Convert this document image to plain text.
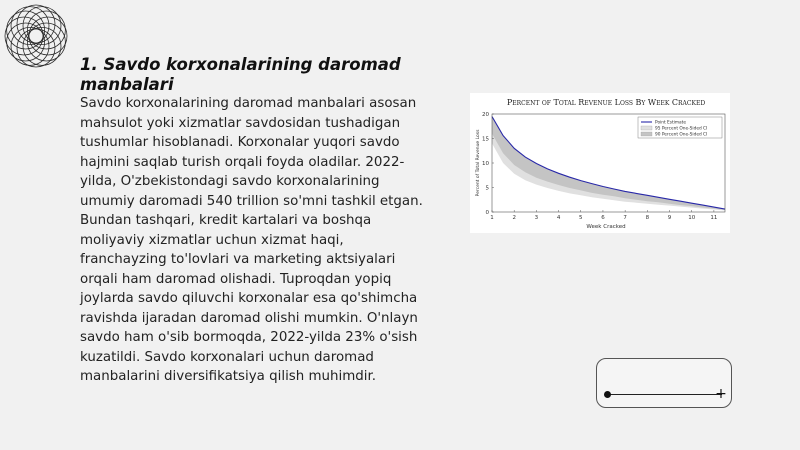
1. Savdo korxonalarining daromad manbalari

Savdo korxonalarining daromad manbalari asosan mahsulot yoki xizmatlar savdosidan tushadigan tushumlar hisoblanadi. Korxonalar yuqori savdo hajmini saqlab turish orqali foyda oladilar. 2022-yilda, O'zbekistondagi savdo korxonalarining umumiy daromadi 540 trillion so'mni tashkil etgan. Bundan tashqari, kredit kartalari va boshqa moliyaviy xizmatlar uchun xizmat haqi, franchayzing to'lovlari va marketing aktsiyalari orqali ham daromad olishadi. Tuproqdan yopiq joylarda savdo qiluvchi korxonalar esa qo'shimcha ravishda ijaradan daromad olishi mumkin. O'nlayn savdo ham o'sib bormoqda, 2022-yilda 23% o'sish kuzatildi. Savdo korxonalari uchun daromad manbalarini diversifikatsiya qilish muhimdir.

Percent of Total Revenue Loss By Week Cracked
1	2	3	4	5	6	7	8	9	10	11
0
5
10
15
20
Week Cracked
Percent of Total Revenue Loss
Point Estimate
95 Percent One-Sided CI
90 Percent One-Sided CI
+
